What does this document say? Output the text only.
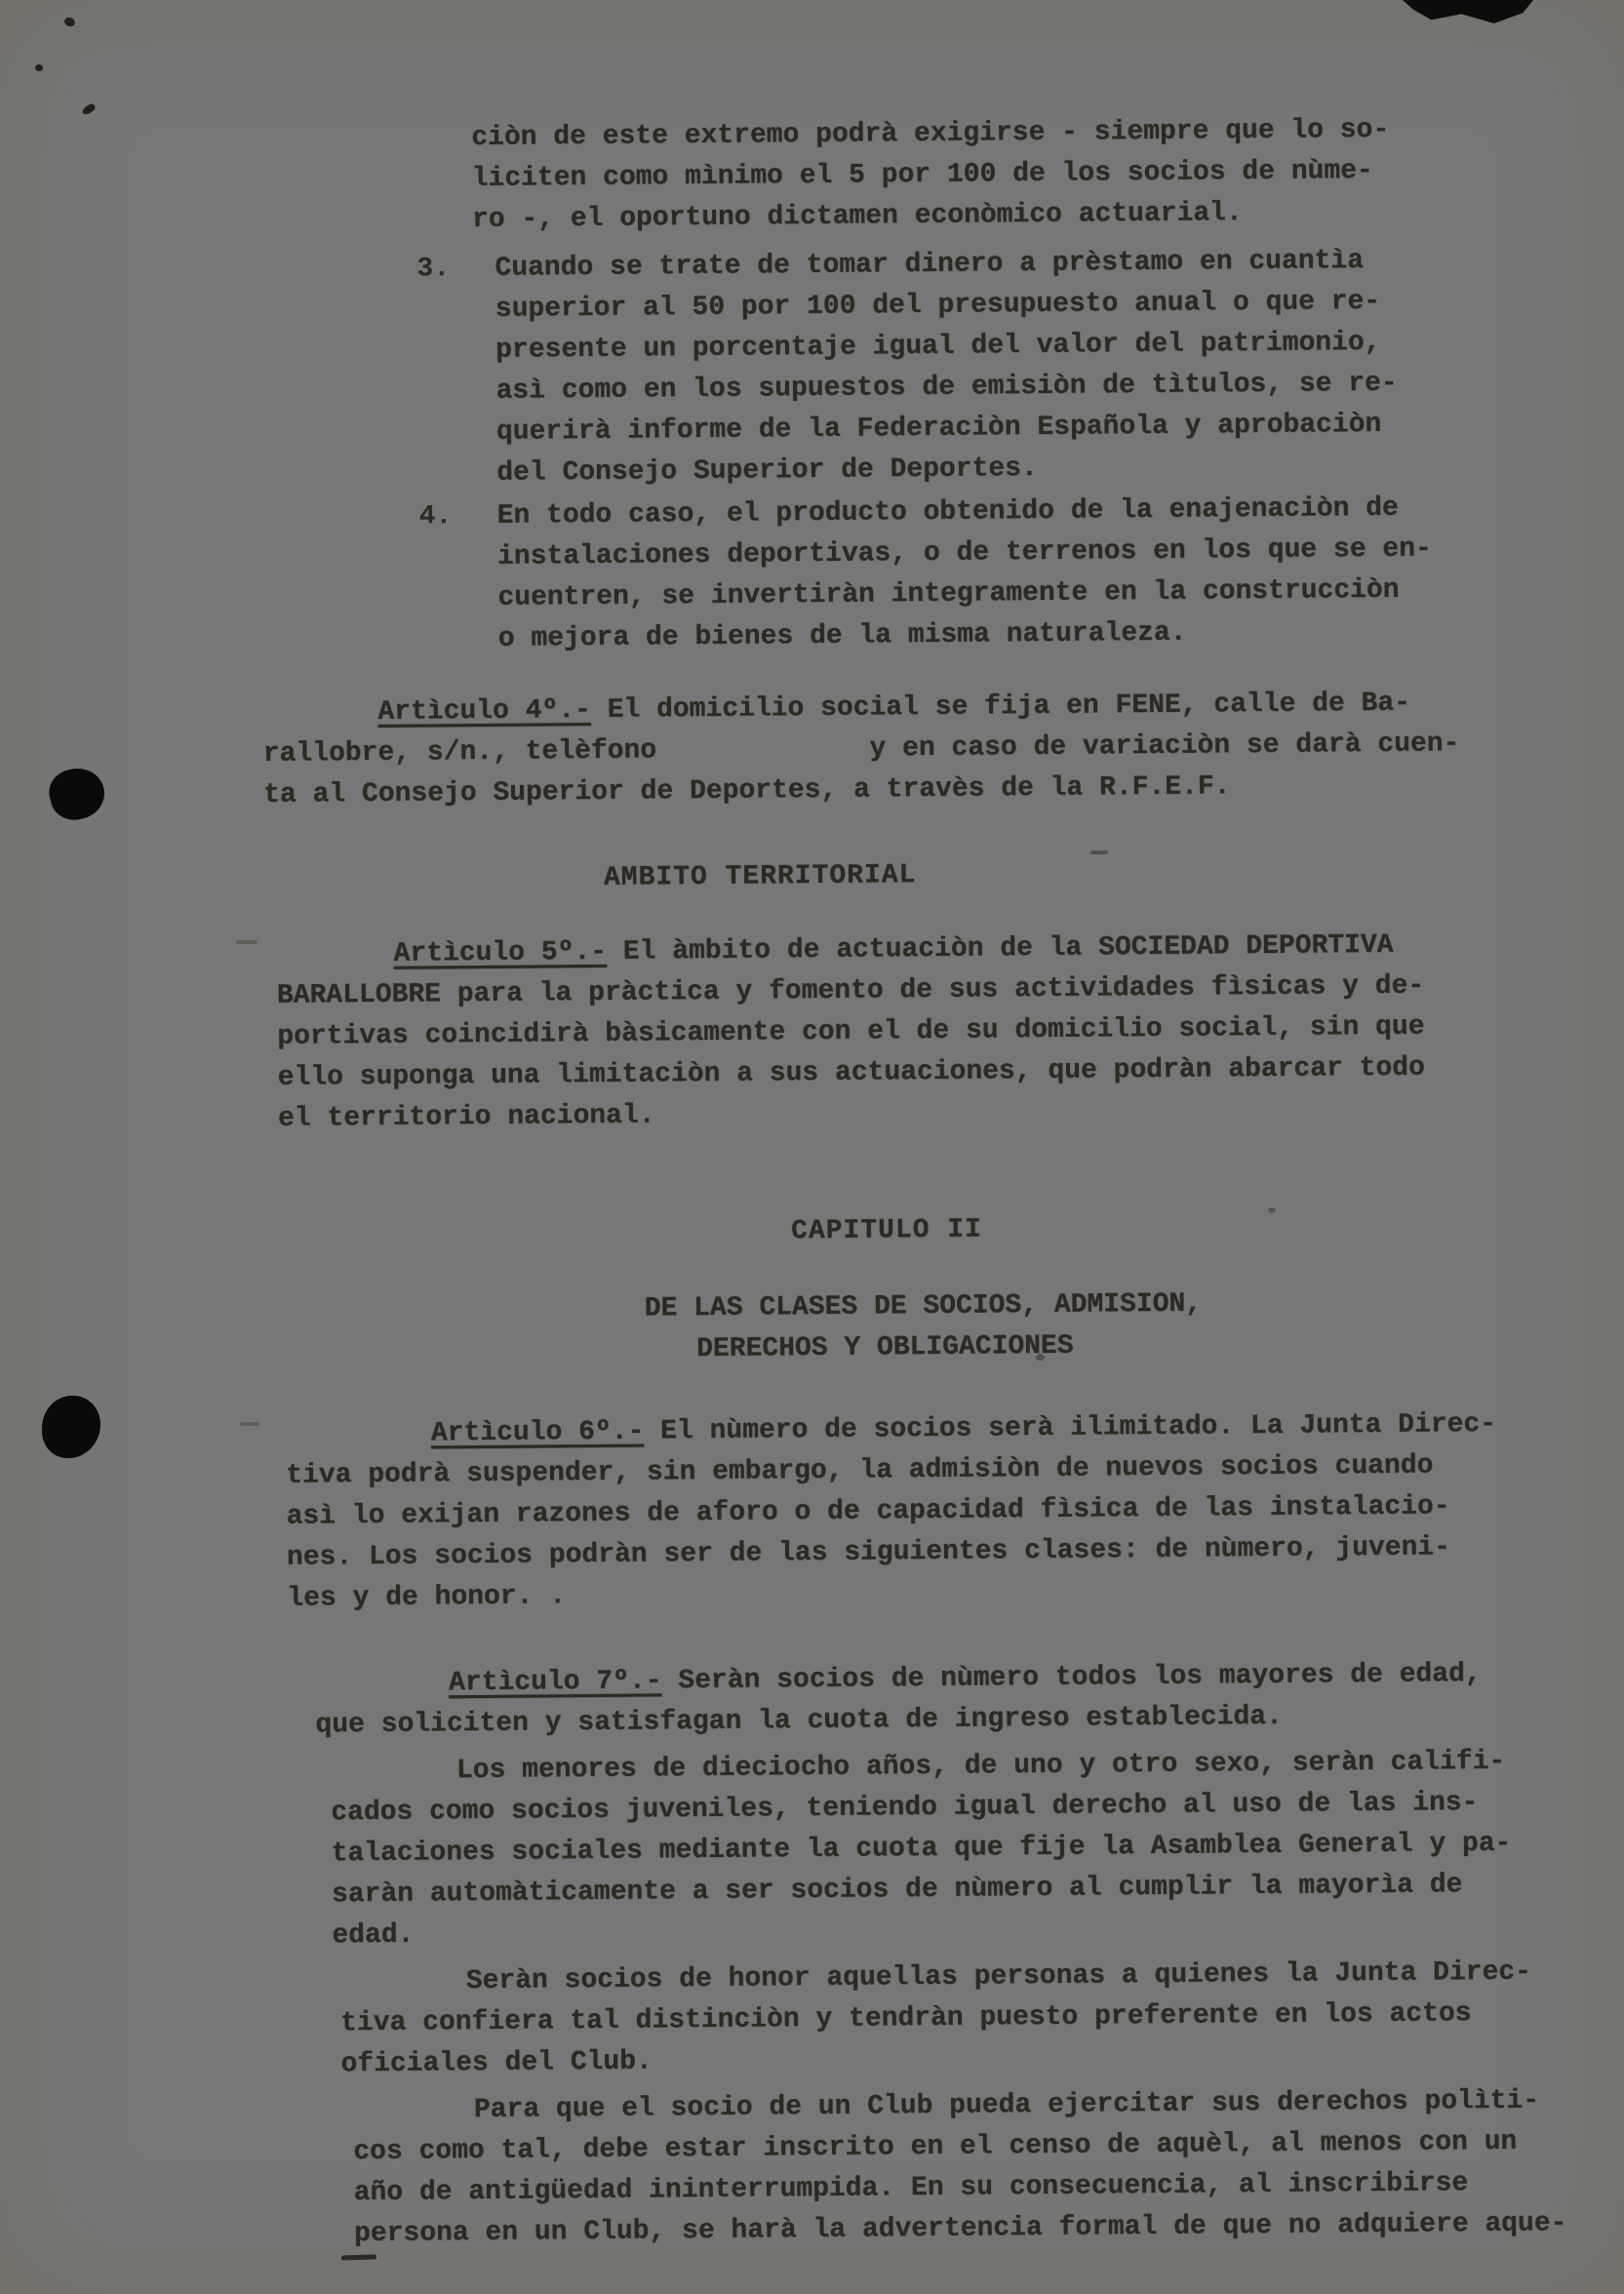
ciòn de este extremo podrà exigirse - siempre que lo so-
liciten como mìnimo el 5 por 100 de los socios de nùme-
ro -, el oportuno dictamen econòmico actuarial.
3. Cuando se trate de tomar dinero a prèstamo en cuantìa
superior al 50 por 100 del presupuesto anual o que re-
presente un porcentaje igual del valor del patrimonio,
asì como en los supuestos de emisiòn de tìtulos, se re-
querirà informe de la Federaciòn Española y aprobaciòn
del Consejo Superior de Deportes.
4. En todo caso, el producto obtenido de la enajenaciòn de
instalaciones deportivas, o de terrenos en los que se en-
cuentren, se invertiràn integramente en la construcciòn
o mejora de bienes de la misma naturaleza.
Artìculo 4º.- El domicilio social se fija en FENE, calle de Ba-
rallobre, s/n., telèfono             y en caso de variaciòn se darà cuen-
ta al Consejo Superior de Deportes, a travès de la R.F.E.F.
AMBITO TERRITORIAL
Artìculo 5º.- El àmbito de actuaciòn de la SOCIEDAD DEPORTIVA
BARALLOBRE para la pràctica y fomento de sus actividades fìsicas y de-
portivas coincidirà bàsicamente con el de su domicilio social, sin que
ello suponga una limitaciòn a sus actuaciones, que podràn abarcar todo
el territorio nacional.
CAPITULO II
DE LAS CLASES DE SOCIOS, ADMISION,
DERECHOS Y OBLIGACIONES
Artìculo 6º.- El nùmero de socios serà ilimitado. La Junta Direc-
tiva podrà suspender, sin embargo, la admisiòn de nuevos socios cuando
asì lo exijan razones de aforo o de capacidad fìsica de las instalacio-
nes. Los socios podràn ser de las siguientes clases: de nùmero, juveni-
les y de honor. .
Artìculo 7º.- Seràn socios de nùmero todos los mayores de edad,
que soliciten y satisfagan la cuota de ingreso establecida.
Los menores de dieciocho años, de uno y otro sexo, seràn califi-
cados como socios juveniles, teniendo igual derecho al uso de las ins-
talaciones sociales mediante la cuota que fije la Asamblea General y pa-
saràn automàticamente a ser socios de nùmero al cumplir la mayorìa de
edad.
Seràn socios de honor aquellas personas a quienes la Junta Direc-
tiva confiera tal distinciòn y tendràn puesto preferente en los actos
oficiales del Club.
Para que el socio de un Club pueda ejercitar sus derechos polìti-
cos como tal, debe estar inscrito en el censo de aquèl, al menos con un
año de antigüedad ininterrumpida. En su consecuencia, al inscribirse
persona en un Club, se harà la advertencia formal de que no adquiere aque-
